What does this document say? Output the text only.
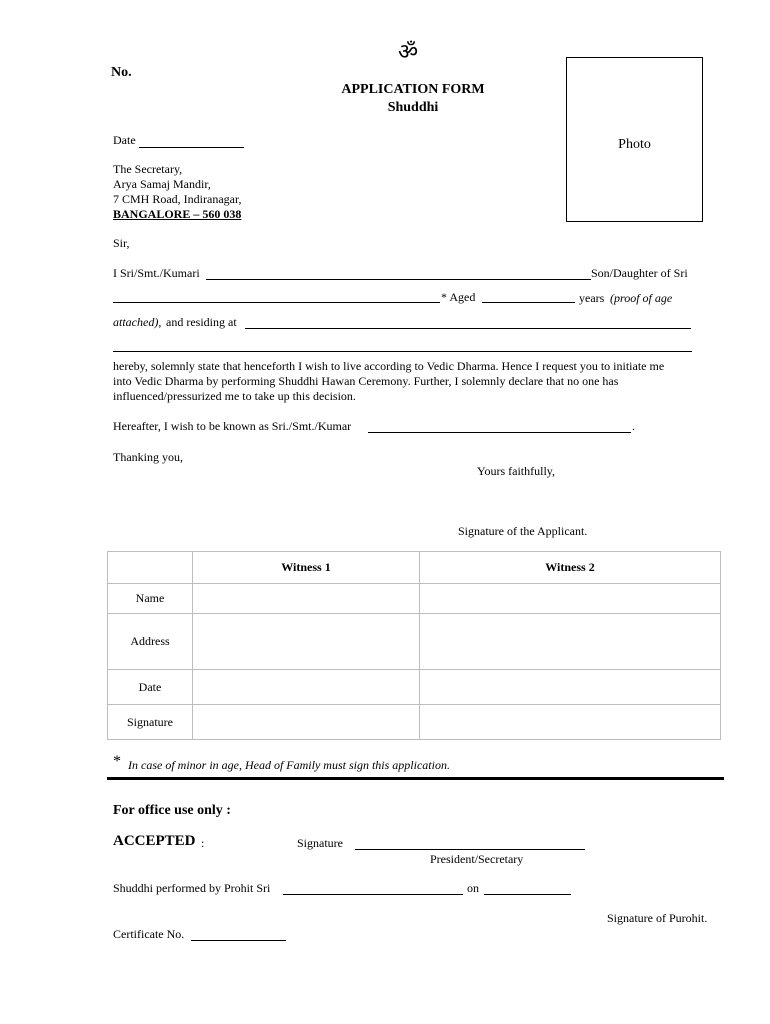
ॐ
No.
APPLICATION FORM
Shuddhi
Photo
Date
The Secretary,
Arya Samaj Mandir,
7 CMH Road, Indiranagar,
BANGALORE – 560 038
Sir,
I Sri/Smt./Kumari	Son/Daughter of Sri
* Aged	years (proof of age
attached), and residing at
hereby, solemnly state that henceforth I wish to live according to Vedic Dharma. Hence I request you to initiate me
into Vedic Dharma by performing Shuddhi Hawan Ceremony. Further, I solemnly declare that no one has
influenced/pressurized me to take up this decision.
Hereafter, I wish to be known as Sri./Smt./Kumar	.
Thanking you,
Yours faithfully,
Signature of the Applicant.
	Witness 1	Witness 2
Name		
Address		
Date		
Signature		
* In case of minor in age, Head of Family must sign this application.
For office use only :
ACCEPTED :	Signature
President/Secretary
Shuddhi performed by Prohit Sri	on
Signature of Purohit.
Certificate No.
